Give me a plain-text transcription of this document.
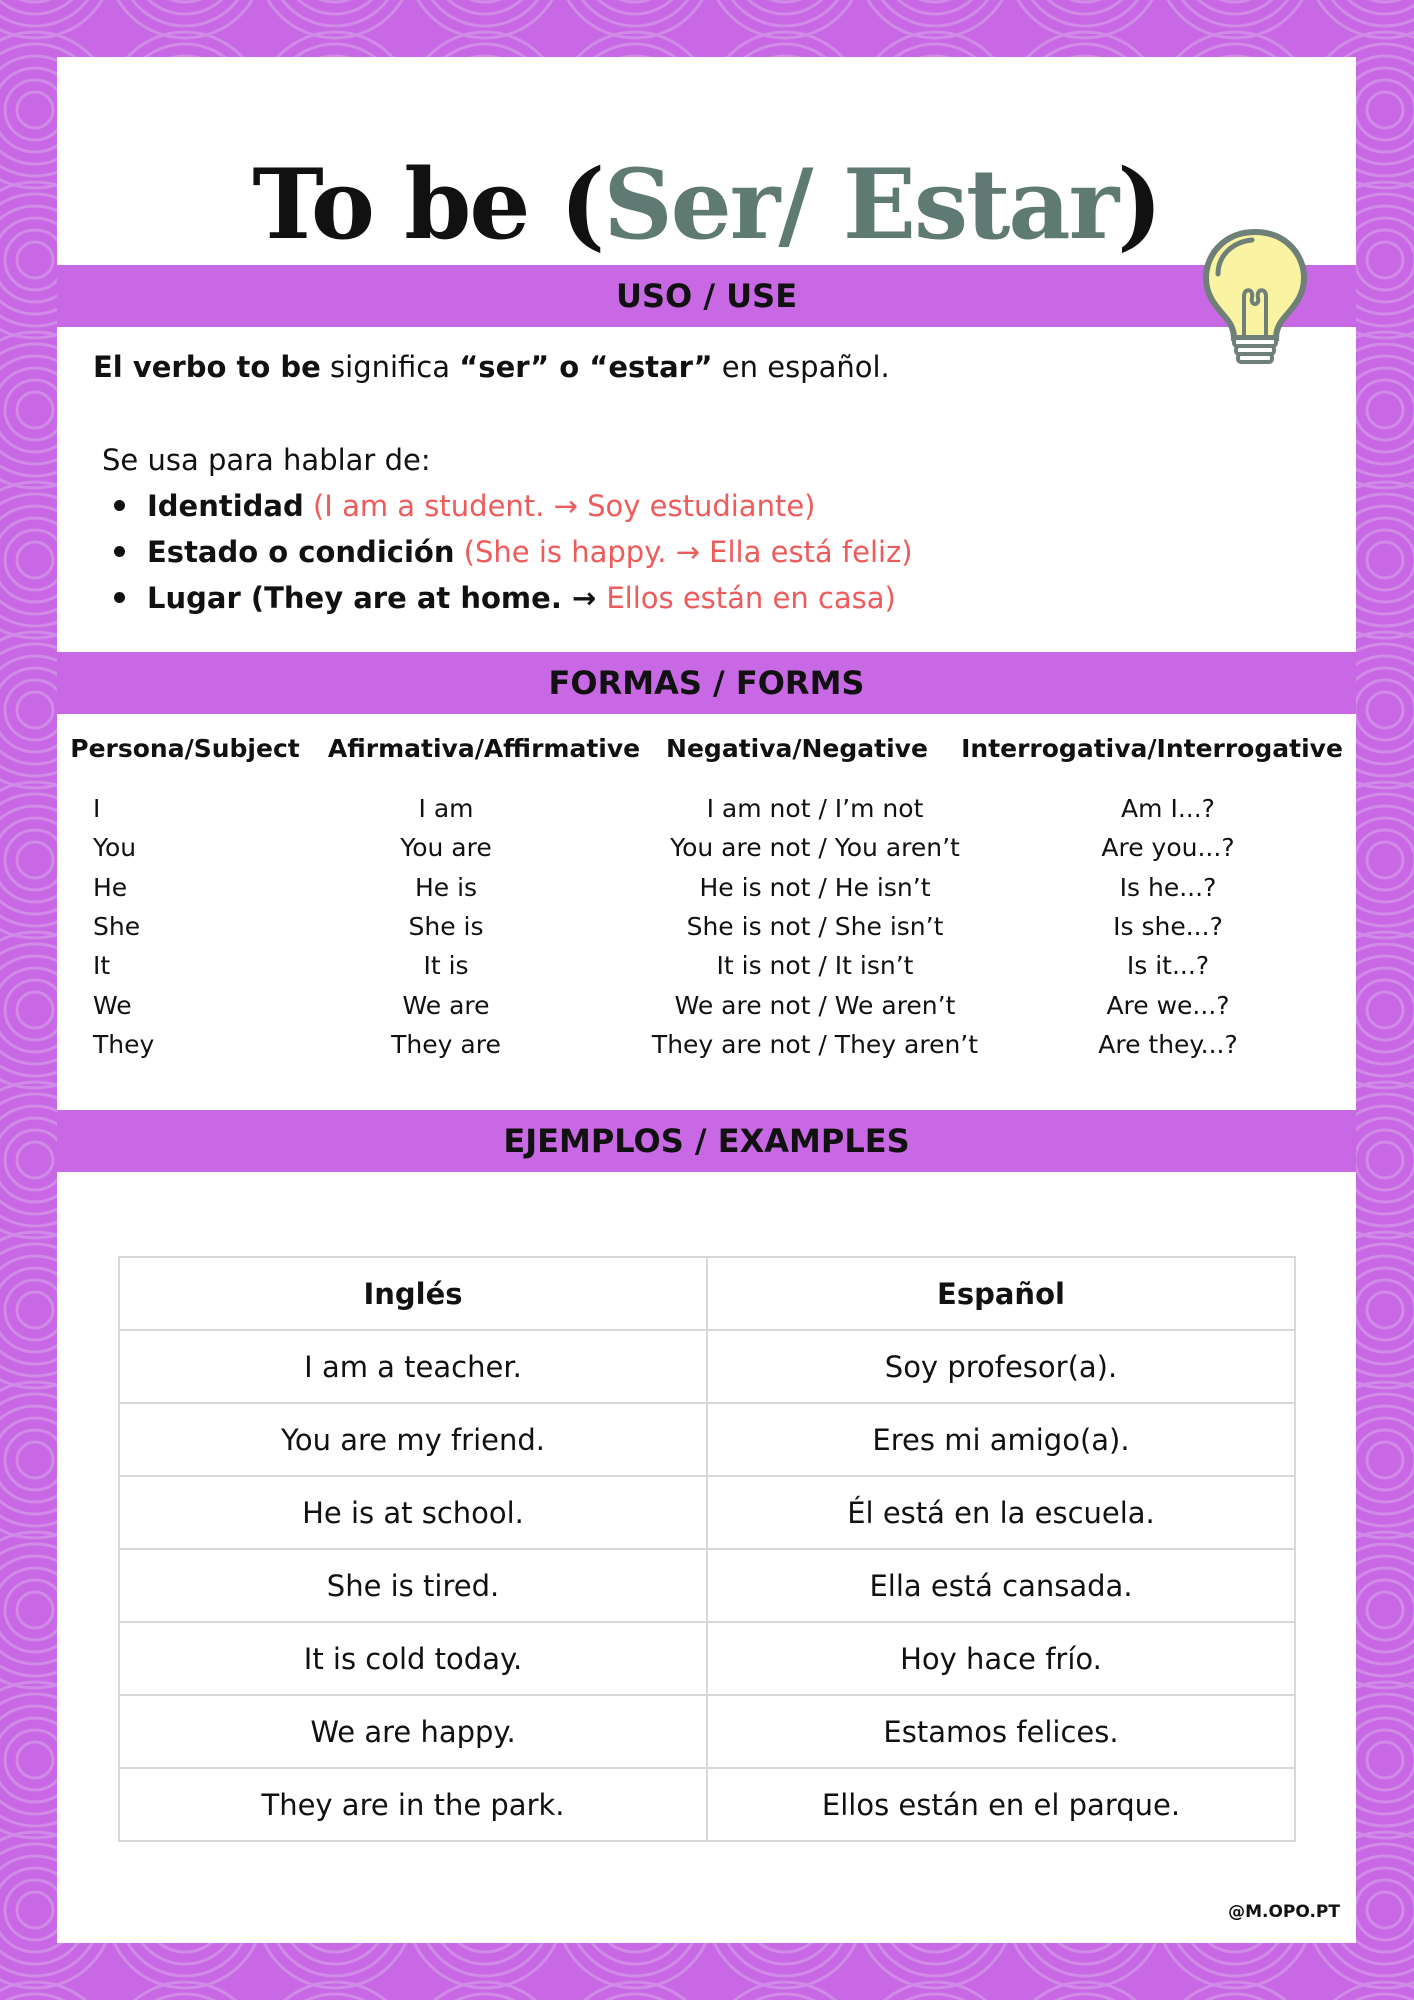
To be (Ser/ Estar)
USO / USE
El verbo to be significa “ser” o “estar” en español.
Se usa para hablar de:
Identidad (I am a student. → Soy estudiante)
Estado o condición (She is happy. → Ella está feliz)
Lugar (They are at home. → Ellos están en casa)
FORMAS / FORMS
Persona/Subject	Afirmativa/Affirmative	Negativa/Negative	Interrogativa/Interrogative
I	I am	I am not / I’m not	Am I...?
You	You are	You are not / You aren’t	Are you...?
He	He is	He is not / He isn’t	Is he...?
She	She is	She is not / She isn’t	Is she...?
It	It is	It is not / It isn’t	Is it...?
We	We are	We are not / We aren’t	Are we...?
They	They are	They are not / They aren’t	Are they...?
EJEMPLOS / EXAMPLES
Inglés	Español
I am a teacher.	Soy profesor(a).
You are my friend.	Eres mi amigo(a).
He is at school.	Él está en la escuela.
She is tired.	Ella está cansada.
It is cold today.	Hoy hace frío.
We are happy.	Estamos felices.
They are in the park.	Ellos están en el parque.
@M.OPO.PT
